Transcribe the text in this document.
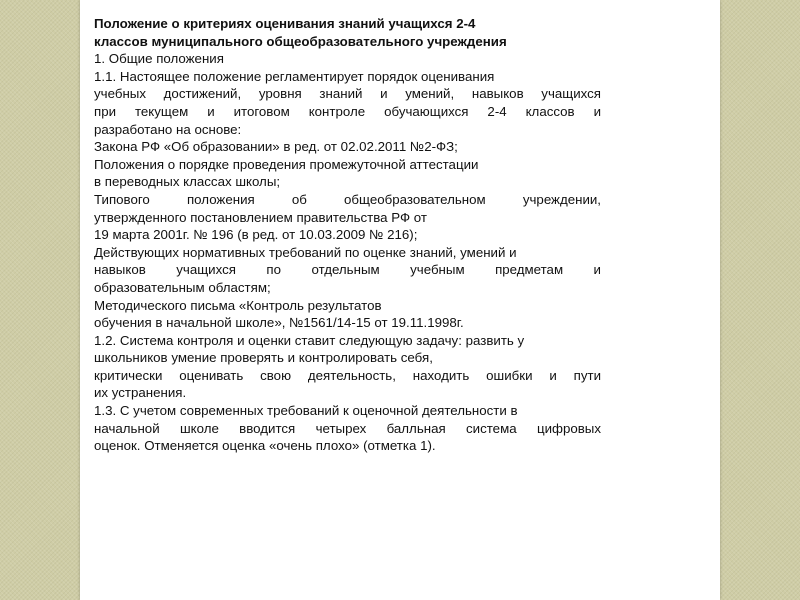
Положение о критериях оценивания знаний учащихся 2-4

классов муниципального общеобразовательного учреждения

1. Общие положения

1.1. Настоящее положение регламентирует порядок оценивания

учебных достижений, уровня знаний и умений, навыков учащихся

при текущем и итоговом контроле обучающихся 2-4 классов и

разработано на основе:

Закона РФ «Об образовании» в ред. от 02.02.2011 №2-ФЗ;

Положения о порядке проведения промежуточной аттестации

в переводных классах школы;

Типового положения об общеобразовательном учреждении,

утвержденного постановлением правительства РФ от

19 марта 2001г. № 196 (в ред. от 10.03.2009 № 216);

Действующих нормативных требований по оценке знаний, умений и

навыков учащихся по отдельным учебным предметам и

образовательным областям;

Методического письма «Контроль результатов

обучения в начальной школе», №1561/14-15 от 19.11.1998г.

1.2. Система контроля и оценки ставит следующую задачу: развить у

школьников умение проверять и контролировать себя,

критически оценивать свою деятельность, находить ошибки и пути

их устранения.

1.3. С учетом современных требований к оценочной деятельности в

начальной школе вводится четырех балльная система цифровых

оценок. Отменяется оценка «очень плохо» (отметка 1).
